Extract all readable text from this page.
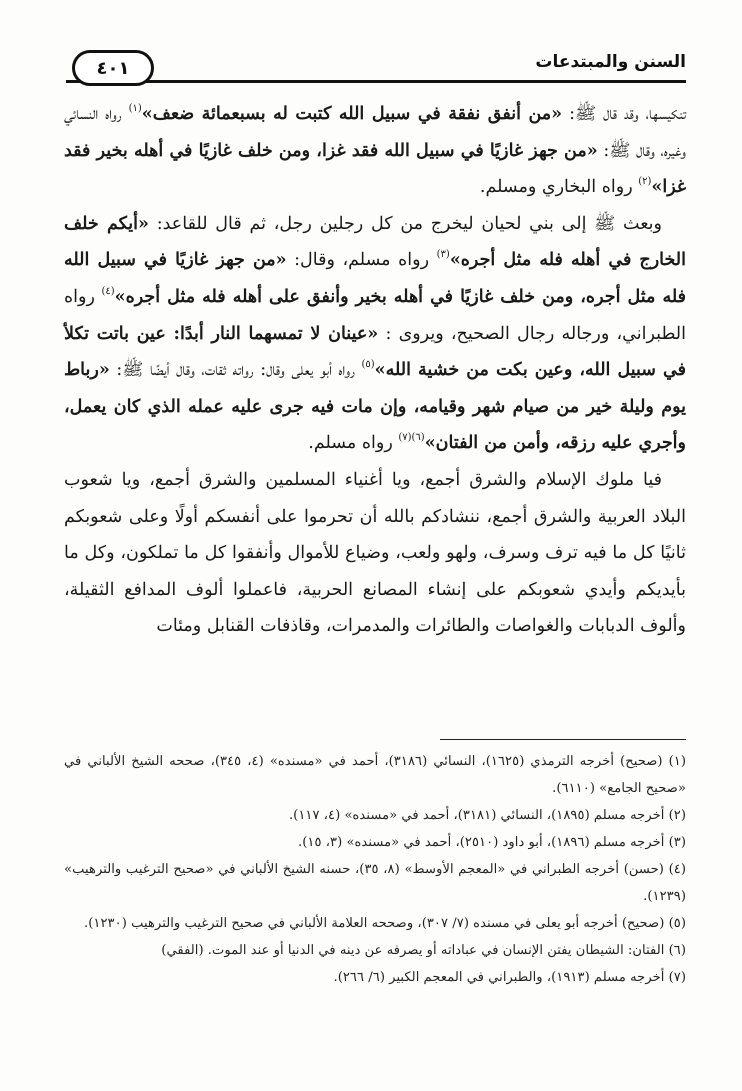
السنن والمبتدعات
٤٠١

تنكيسها، وقد قال ﷺ: «من أنفق نفقة في سبيل الله كتبت له بسبعمائة ضعف»$^{(١)}$ رواه النسائي وغيره، وقال ﷺ: «من جهز غازيًا في سبيل الله فقد غزا، ومن خلف غازيًا في أهله بخير فقد غزا»$^{(٢)}$ رواه البخاري ومسلم.

وبعث ﷺ إلى بني لحيان ليخرج من كل رجلين رجل، ثم قال للقاعد: «أيكم خلف الخارج في أهله فله مثل أجره»$^{(٣)}$ رواه مسلم، وقال: «من جهز غازيًا في سبيل الله فله مثل أجره، ومن خلف غازيًا في أهله بخير وأنفق على أهله فله مثل أجره»$^{(٤)}$ رواه الطبراني، ورجاله رجال الصحيح، ويروى : «عينان لا تمسهما النار أبدًا: عين باتت تكلأ في سبيل الله، وعين بكت من خشية الله»$^{(٥)}$ رواه أبو يعلى وقال: رواته ثقات، وقال أيضًا ﷺ: «رباط يوم وليلة خير من صيام شهر وقيامه، وإن مات فيه جرى عليه عمله الذي كان يعمل، وأجري عليه رزقه، وأمن من الفتان»$^{(٦)(٧)}$ رواه مسلم.

فيا ملوك الإسلام والشرق أجمع، ويا أغنياء المسلمين والشرق أجمع، ويا شعوب البلاد العربية والشرق أجمع، ننشادكم بالله أن تحرموا على أنفسكم أولًا وعلى شعوبكم ثانيًا كل ما فيه ترف وسرف، ولهو ولعب، وضياع للأموال وأنفقوا كل ما تملكون، وكل ما بأيديكم وأيدي شعوبكم على إنشاء المصانع الحربية، فاعملوا ألوف المدافع الثقيلة، وألوف الدبابات والغواصات والطائرات والمدمرات، وقاذفات القنابل ومئات

(١) (صحيح) أخرجه الترمذي (١٦٢٥)، النسائي (٣١٨٦)، أحمد في «مسنده» (٤، ٣٤٥)، صححه الشيخ الألباني في «صحيح الجامع» (٦١١٠).

(٢) أخرجه مسلم (١٨٩٥)، النسائي (٣١٨١)، أحمد في «مسنده» (٤، ١١٧).

(٣) أخرجه مسلم (١٨٩٦)، أبو داود (٢٥١٠)، أحمد في «مسنده» (٣، ١٥).

(٤) (حسن) أخرجه الطبراني في «المعجم الأوسط» (٨، ٣٥)، حسنه الشيخ الألباني في «صحيح الترغيب والترهيب» (١٢٣٩).

(٥) (صحيح) أخرجه أبو يعلى في مسنده (٧/ ٣٠٧)، وصححه العلامة الألباني في صحيح الترغيب والترهيب (١٢٣٠).

(٦) الفتان: الشيطان يفتن الإنسان في عباداته أو يصرفه عن دينه في الدنيا أو عند الموت. (الفقي)

(٧) أخرجه مسلم (١٩١٣)، والطبراني في المعجم الكبير (٦/ ٢٦٦).
